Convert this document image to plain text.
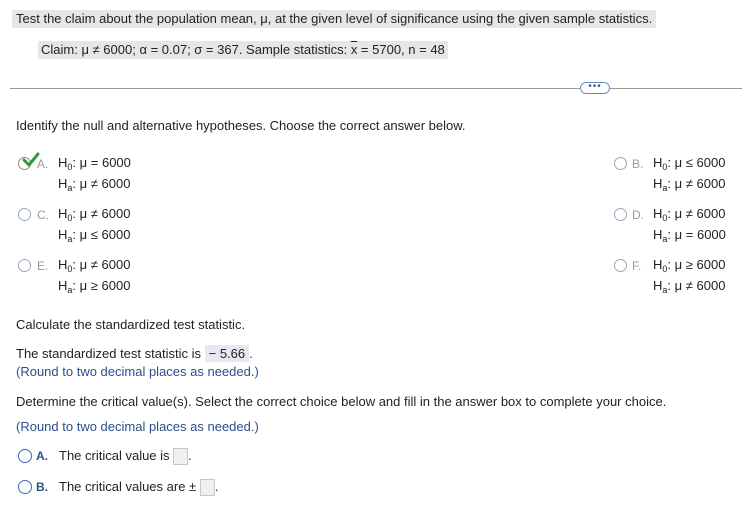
Test the claim about the population mean, μ, at the given level of significance using the given sample statistics.
Claim: μ ≠ 6000; α = 0.07; σ = 367. Sample statistics: $\overline{x} = 5700$, n = 48
•••
Identify the null and alternative hypotheses. Choose the correct answer below.
A. $H_0$: μ = 6000
$H_a$: μ ≠ 6000
B. $H_0$: μ ≤ 6000
$H_a$: μ ≠ 6000
C. $H_0$: μ ≠ 6000
$H_a$: μ ≤ 6000
D. $H_0$: μ ≠ 6000
$H_a$: μ = 6000
E. $H_0$: μ ≠ 6000
$H_a$: μ ≥ 6000
F. $H_0$: μ ≥ 6000
$H_a$: μ ≠ 6000
Calculate the standardized test statistic.
The standardized test statistic is − 5.66 .
(Round to two decimal places as needed.)
Determine the critical value(s). Select the correct choice below and fill in the answer box to complete your choice.
(Round to two decimal places as needed.)
A. The critical value is .
B. The critical values are ± .
